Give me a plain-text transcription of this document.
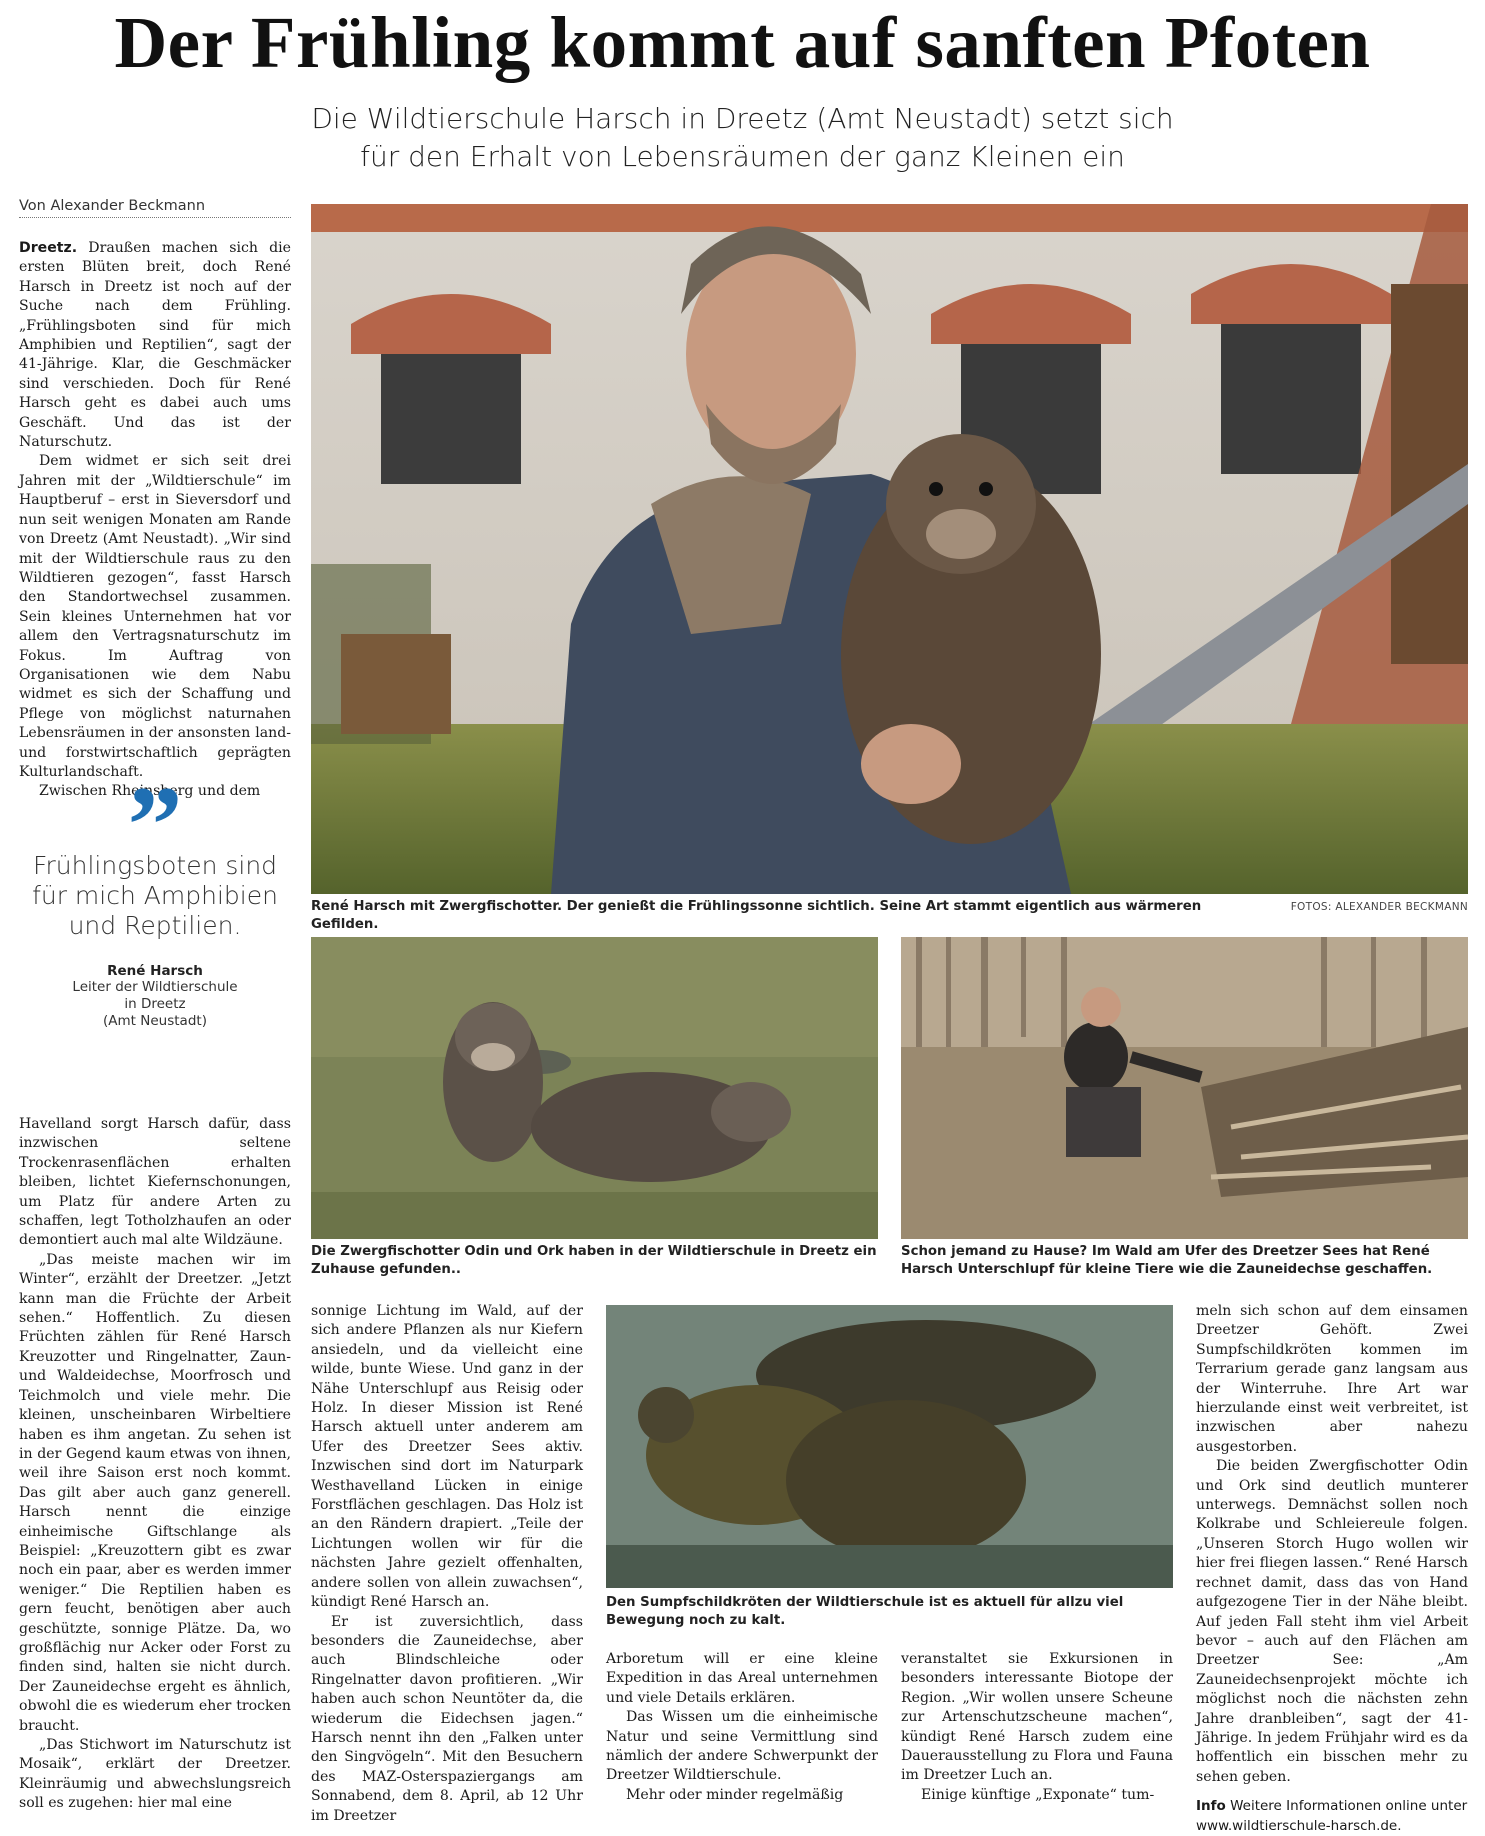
Der Frühling kommt auf sanften Pfoten
Die Wildtierschule Harsch in Dreetz (Amt Neustadt) setzt sich
für den Erhalt von Lebensräumen der ganz Kleinen ein
Von Alexander Beckmann

Dreetz. Draußen machen sich die ersten Blüten breit, doch René Harsch in Dreetz ist noch auf der Suche nach dem Frühling. „Frühlingsboten sind für mich Amphibien und Reptilien“, sagt der 41-Jährige. Klar, die Geschmäcker sind verschieden. Doch für René Harsch geht es dabei auch ums Geschäft. Und das ist der Naturschutz.

Dem widmet er sich seit drei Jahren mit der „Wildtierschule“ im Hauptberuf – erst in Sieversdorf und nun seit wenigen Monaten am Rande von Dreetz (Amt Neustadt). „Wir sind mit der Wildtierschule raus zu den Wildtieren gezogen“, fasst Harsch den Standortwechsel zusammen. Sein kleines Unternehmen hat vor allem den Vertragsnaturschutz im Fokus. Im Auftrag von Organisationen wie dem Nabu widmet es sich der Schaffung und Pflege von möglichst naturnahen Lebensräumen in der ansonsten land- und forstwirtschaftlich geprägten Kulturlandschaft.

Zwischen Rheinsberg und dem

”
Frühlingsboten sind für mich Amphibien und Reptilien.
René Harsch
Leiter der Wildtierschule
in Dreetz
(Amt Neustadt)

Havelland sorgt Harsch dafür, dass inzwischen seltene Trockenrasenflächen erhalten bleiben, lichtet Kiefernschonungen, um Platz für andere Arten zu schaffen, legt Totholzhaufen an oder demontiert auch mal alte Wildzäune.

„Das meiste machen wir im Winter“, erzählt der Dreetzer. „Jetzt kann man die Früchte der Arbeit sehen.“ Hoffentlich. Zu diesen Früchten zählen für René Harsch Kreuzotter und Ringelnatter, Zaun- und Waldeidechse, Moorfrosch und Teichmolch und viele mehr. Die kleinen, unscheinbaren Wirbeltiere haben es ihm angetan. Zu sehen ist in der Gegend kaum etwas von ihnen, weil ihre Saison erst noch kommt. Das gilt aber auch ganz generell. Harsch nennt die einzige einheimische Giftschlange als Beispiel: „Kreuzottern gibt es zwar noch ein paar, aber es werden immer weniger.“ Die Reptilien haben es gern feucht, benötigen aber auch geschützte, sonnige Plätze. Da, wo großflächig nur Acker oder Forst zu finden sind, halten sie nicht durch. Der Zauneidechse ergeht es ähnlich, obwohl die es wiederum eher trocken braucht.

„Das Stichwort im Naturschutz ist Mosaik“, erklärt der Dreetzer. Kleinräumig und abwechslungsreich soll es zugehen: hier mal eine

René Harsch mit Zwergfischotter. Der genießt die Frühlingssonne sichtlich. Seine Art stammt eigentlich aus wärmeren Gefilden.
FOTOS: ALEXANDER BECKMANN
Die Zwergfischotter Odin und Ork haben in der Wildtierschule in Dreetz ein Zuhause gefunden..
Schon jemand zu Hause? Im Wald am Ufer des Dreetzer Sees hat René Harsch Unterschlupf für kleine Tiere wie die Zauneidechse geschaffen.

sonnige Lichtung im Wald, auf der sich andere Pflanzen als nur Kiefern ansiedeln, und da vielleicht eine wilde, bunte Wiese. Und ganz in der Nähe Unterschlupf aus Reisig oder Holz. In dieser Mission ist René Harsch aktuell unter anderem am Ufer des Dreetzer Sees aktiv. Inzwischen sind dort im Naturpark Westhavelland Lücken in einige Forstflächen geschlagen. Das Holz ist an den Rändern drapiert. „Teile der Lichtungen wollen wir für die nächsten Jahre gezielt offenhalten, andere sollen von allein zuwachsen“, kündigt René Harsch an.

Er ist zuversichtlich, dass besonders die Zauneidechse, aber auch Blindschleiche oder Ringelnatter davon profitieren. „Wir haben auch schon Neuntöter da, die wiederum die Eidechsen jagen.“ Harsch nennt ihn den „Falken unter den Singvögeln“. Mit den Besuchern des MAZ-Osterspaziergangs am Sonnabend, dem 8. April, ab 12 Uhr im Dreetzer

Den Sumpfschildkröten der Wildtierschule ist es aktuell für allzu viel Bewegung noch zu kalt.

Arboretum will er eine kleine Expedition in das Areal unternehmen und viele Details erklären.

Das Wissen um die einheimische Natur und seine Vermittlung sind nämlich der andere Schwerpunkt der Dreetzer Wildtierschule.

Mehr oder minder regelmäßig

veranstaltet sie Exkursionen in besonders interessante Biotope der Region. „Wir wollen unsere Scheune zur Artenschutzscheune machen“, kündigt René Harsch zudem eine Dauerausstellung zu Flora und Fauna im Dreetzer Luch an.

Einige künftige „Exponate“ tum-

meln sich schon auf dem einsamen Dreetzer Gehöft. Zwei Sumpfschildkröten kommen im Terrarium gerade ganz langsam aus der Winterruhe. Ihre Art war hierzulande einst weit verbreitet, ist inzwischen aber nahezu ausgestorben.

Die beiden Zwergfischotter Odin und Ork sind deutlich munterer unterwegs. Demnächst sollen noch Kolkrabe und Schleiereule folgen. „Unseren Storch Hugo wollen wir hier frei fliegen lassen.“ René Harsch rechnet damit, dass das von Hand aufgezogene Tier in der Nähe bleibt. Auf jeden Fall steht ihm viel Arbeit bevor – auch auf den Flächen am Dreetzer See: „Am Zauneidechsenprojekt möchte ich möglichst noch die nächsten zehn Jahre dranbleiben“, sagt der 41-Jährige. In jedem Frühjahr wird es da hoffentlich ein bisschen mehr zu sehen geben.

Info Weitere Informationen online unter www.wildtierschule-harsch.de.
